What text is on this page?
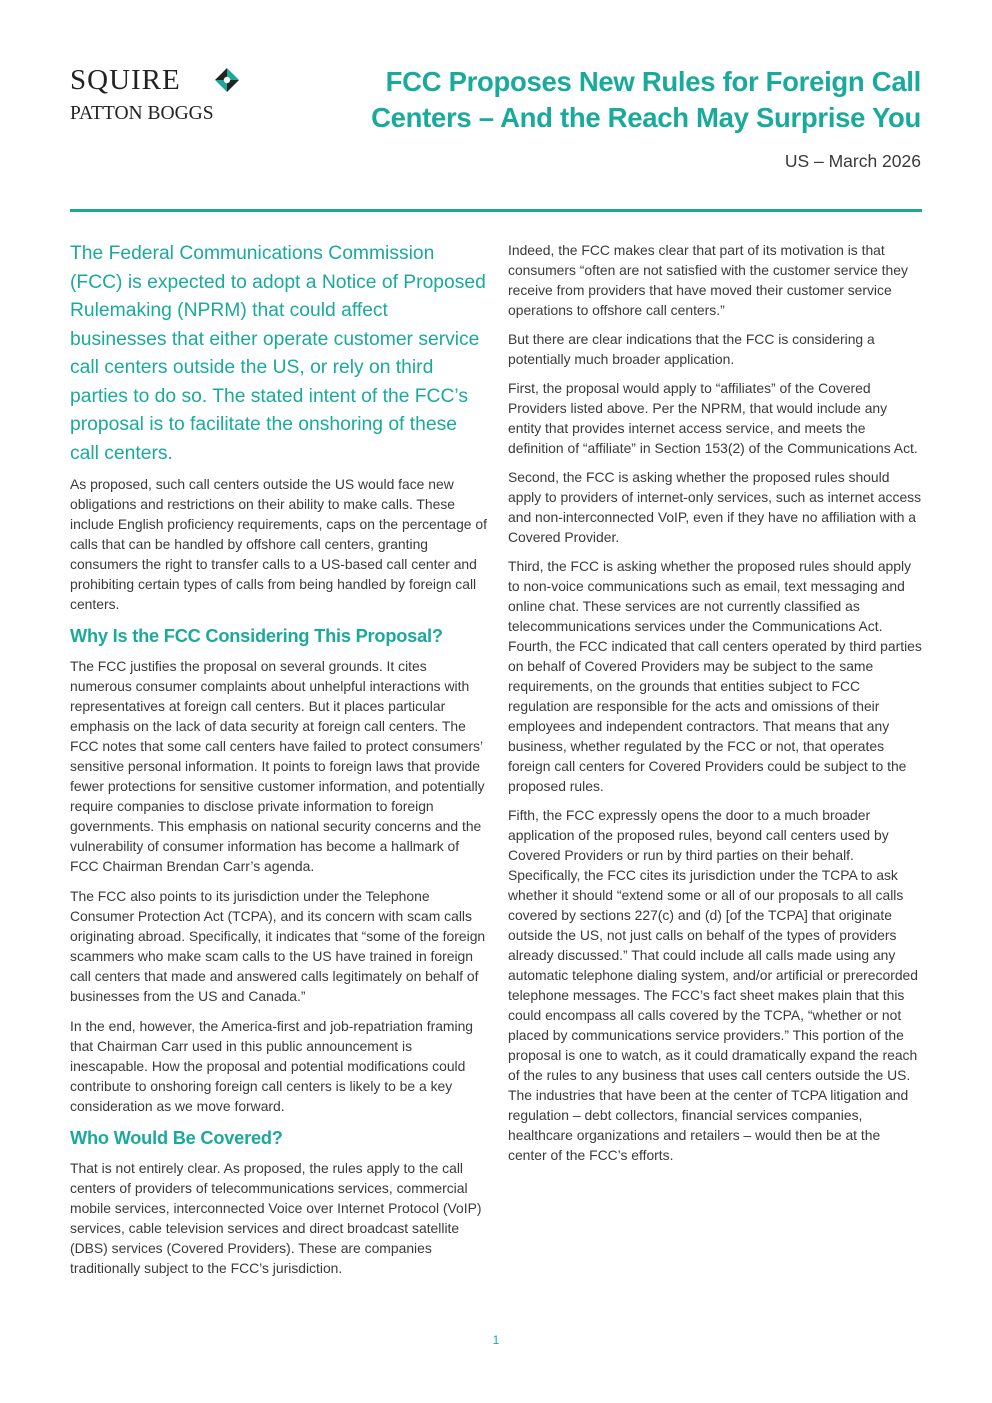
SQUIRE
PATTON BOGGS
FCC Proposes New Rules for Foreign Call Centers – And the Reach May Surprise You
US – March 2026

The Federal Communications Commission (FCC) is expected to adopt a Notice of Proposed Rulemaking (NPRM) that could affect businesses that either operate customer service call centers outside the US, or rely on third parties to do so. The stated intent of the FCC’s proposal is to facilitate the onshoring of these call centers.

As proposed, such call centers outside the US would face new obligations and restrictions on their ability to make calls. These include English proficiency requirements, caps on the percentage of calls that can be handled by offshore call centers, granting consumers the right to transfer calls to a US-based call center and prohibiting certain types of calls from being handled by foreign call centers.

Why Is the FCC Considering This Proposal?

The FCC justifies the proposal on several grounds. It cites numerous consumer complaints about unhelpful interactions with representatives at foreign call centers. But it places particular emphasis on the lack of data security at foreign call centers. The FCC notes that some call centers have failed to protect consumers’ sensitive personal information. It points to foreign laws that provide fewer protections for sensitive customer information, and potentially require companies to disclose private information to foreign governments. This emphasis on national security concerns and the vulnerability of consumer information has become a hallmark of FCC Chairman Brendan Carr’s agenda.

The FCC also points to its jurisdiction under the Telephone Consumer Protection Act (TCPA), and its concern with scam calls originating abroad. Specifically, it indicates that “some of the foreign scammers who make scam calls to the US have trained in foreign call centers that made and answered calls legitimately on behalf of businesses from the US and Canada.”

In the end, however, the America-first and job-repatriation framing that Chairman Carr used in this public announcement is inescapable. How the proposal and potential modifications could contribute to onshoring foreign call centers is likely to be a key consideration as we move forward.

Who Would Be Covered?

That is not entirely clear. As proposed, the rules apply to the call centers of providers of telecommunications services, commercial mobile services, interconnected Voice over Internet Protocol (VoIP) services, cable television services and direct broadcast satellite (DBS) services (Covered Providers). These are companies traditionally subject to the FCC’s jurisdiction.

Indeed, the FCC makes clear that part of its motivation is that consumers “often are not satisfied with the customer service they receive from providers that have moved their customer service operations to offshore call centers.”

But there are clear indications that the FCC is considering a potentially much broader application.

First, the proposal would apply to “affiliates” of the Covered Providers listed above. Per the NPRM, that would include any entity that provides internet access service, and meets the definition of “affiliate” in Section 153(2) of the Communications Act.

Second, the FCC is asking whether the proposed rules should apply to providers of internet-only services, such as internet access and non-interconnected VoIP, even if they have no affiliation with a Covered Provider.

Third, the FCC is asking whether the proposed rules should apply to non-voice communications such as email, text messaging and online chat. These services are not currently classified as telecommunications services under the Communications Act.

Fourth, the FCC indicated that call centers operated by third parties on behalf of Covered Providers may be subject to the same requirements, on the grounds that entities subject to FCC regulation are responsible for the acts and omissions of their employees and independent contractors. That means that any business, whether regulated by the FCC or not, that operates foreign call centers for Covered Providers could be subject to the proposed rules.

Fifth, the FCC expressly opens the door to a much broader application of the proposed rules, beyond call centers used by Covered Providers or run by third parties on their behalf. Specifically, the FCC cites its jurisdiction under the TCPA to ask whether it should “extend some or all of our proposals to all calls covered by sections 227(c) and (d) [of the TCPA] that originate outside the US, not just calls on behalf of the types of providers already discussed.” That could include all calls made using any automatic telephone dialing system, and/or artificial or prerecorded telephone messages. The FCC’s fact sheet makes plain that this could encompass all calls covered by the TCPA, “whether or not placed by communications service providers.” This portion of the proposal is one to watch, as it could dramatically expand the reach of the rules to any business that uses call centers outside the US. The industries that have been at the center of TCPA litigation and regulation – debt collectors, financial services companies, healthcare organizations and retailers – would then be at the center of the FCC’s efforts.

1
